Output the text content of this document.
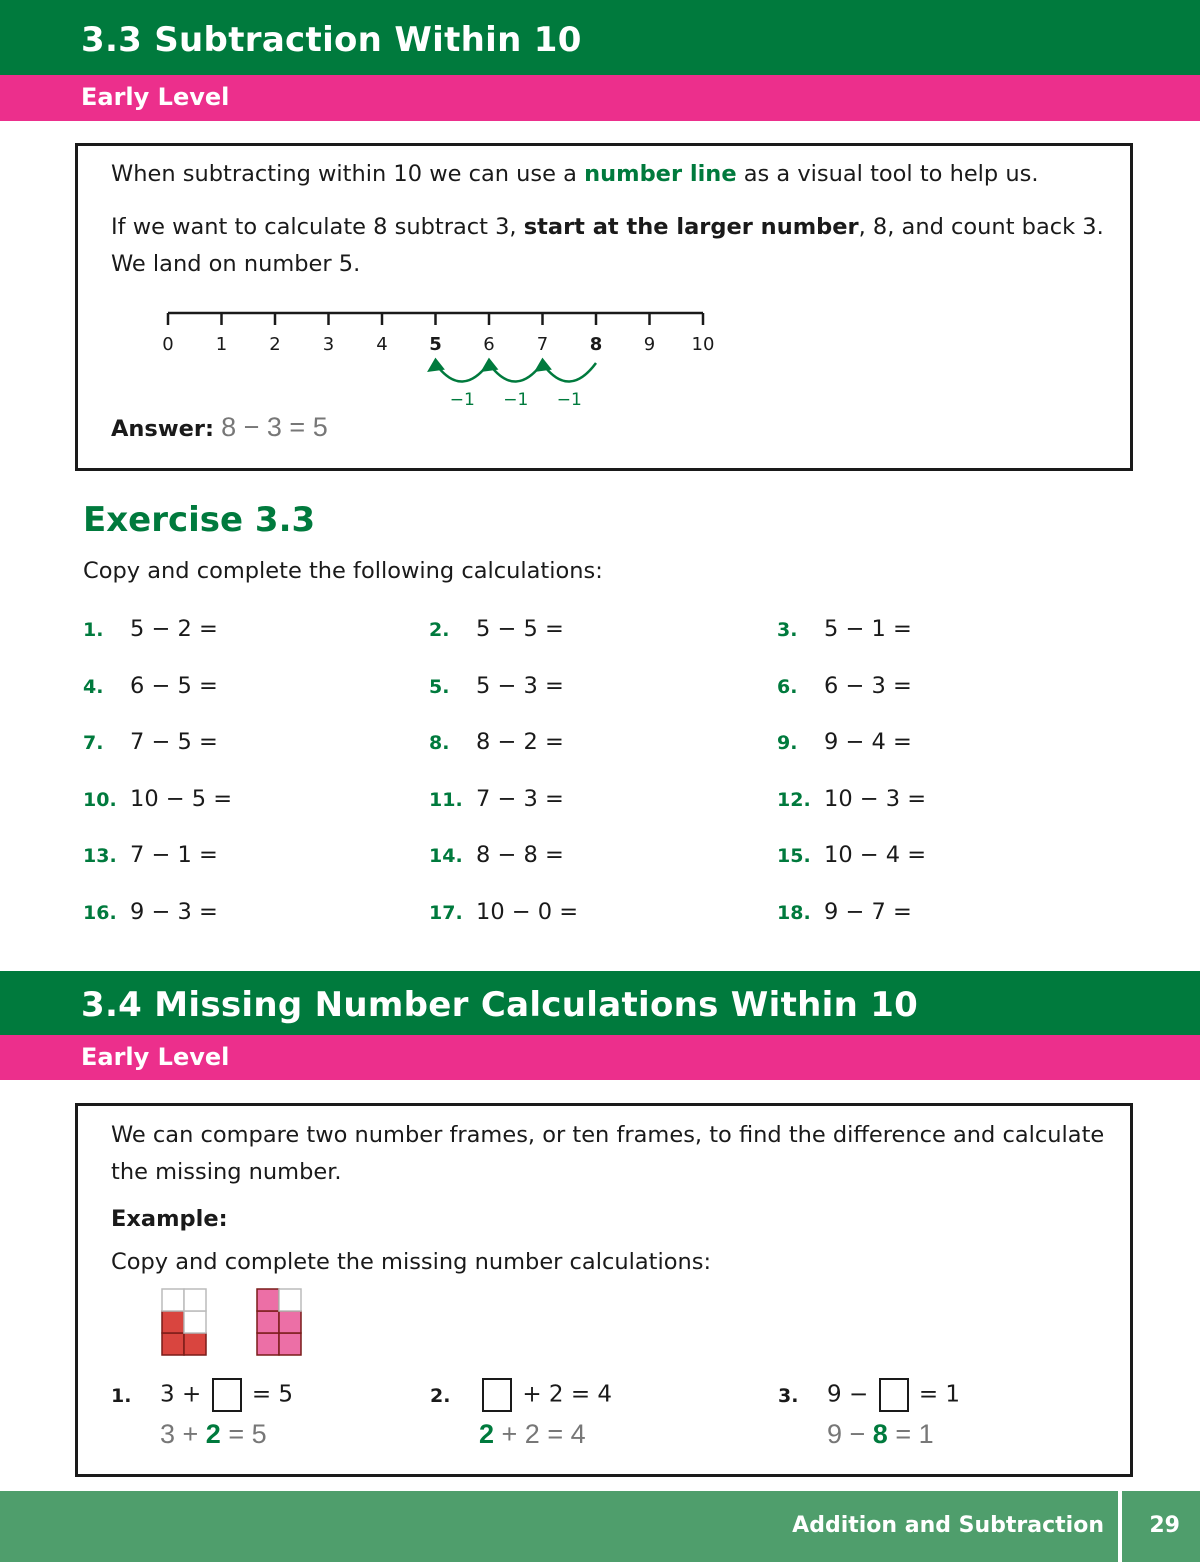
3.3 Subtraction Within 10
Early Level
When subtracting within 10 we can use a number line as a visual tool to help us.
If we want to calculate 8 subtract 3, start at the larger number, 8, and count back 3.
We land on number 5.
0 1 2 3 4 5 6 7 8 9 10
−1
−1
−1
Answer: 8 − 3 = 5
Exercise 3.3
Copy and complete the following calculations:
1. 5 − 2 =	2. 5 − 5 =	3. 5 − 1 =
4. 6 − 5 =	5. 5 − 3 =	6. 6 − 3 =
7. 7 − 5 =	8. 8 − 2 =	9. 9 − 4 =
10. 10 − 5 =	11. 7 − 3 =	12. 10 − 3 =
13. 7 − 1 =	14. 8 − 8 =	15. 10 − 4 =
16. 9 − 3 =	17. 10 − 0 =	18. 9 − 7 =
3.4 Missing Number Calculations Within 10
Early Level
We can compare two number frames, or ten frames, to find the difference and calculate
the missing number.
Example:
Copy and complete the missing number calculations:
1. 3 + = 5
3 + 2 = 5
2.	+ 2 = 4
2 + 2 = 4
3. 9 − = 1
9 − 8 = 1
Addition and Subtraction 29
